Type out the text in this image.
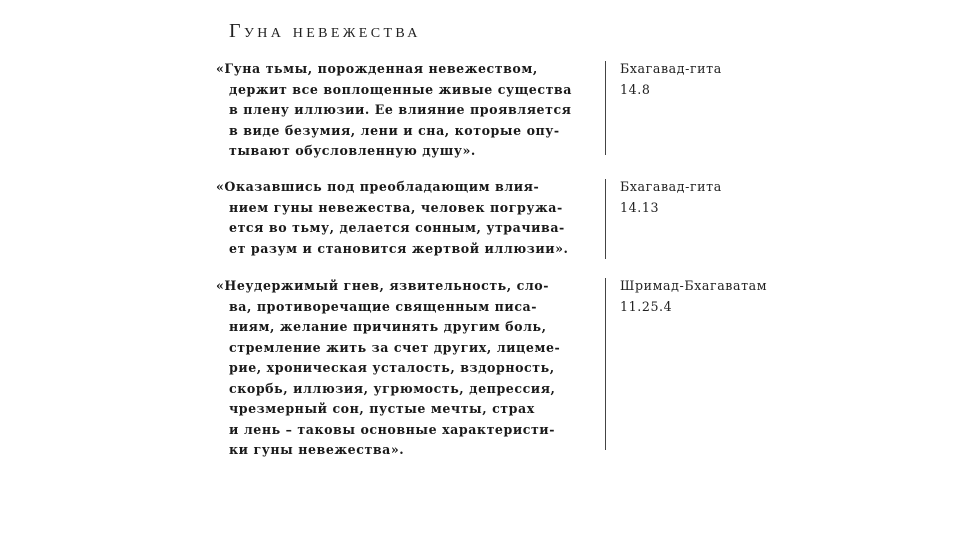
Гуна невежества
«Гуна тьмы, порожденная невежеством,
держит все воплощенные живые существа
в плену иллюзии. Ее влияние проявляется
в виде безумия, лени и сна, которые опу-
тывают обусловленную душу».
Бхагавад-гита
14.8
«Оказавшись под преобладающим влия-
нием гуны невежества, человек погружа-
ется во тьму, делается сонным, утрачива-
ет разум и становится жертвой иллюзии».
Бхагавад-гита
14.13
«Неудержимый гнев, язвительность, сло-
ва, противоречащие священным писа-
ниям, желание причинять другим боль,
стремление жить за счет других, лицеме-
рие, хроническая усталость, вздорность,
скорбь, иллюзия, угрюмость, депрессия,
чрезмерный сон, пустые мечты, страх
и лень – таковы основные характеристи-
ки гуны невежества».
Шримад-Бхагаватам
11.25.4
